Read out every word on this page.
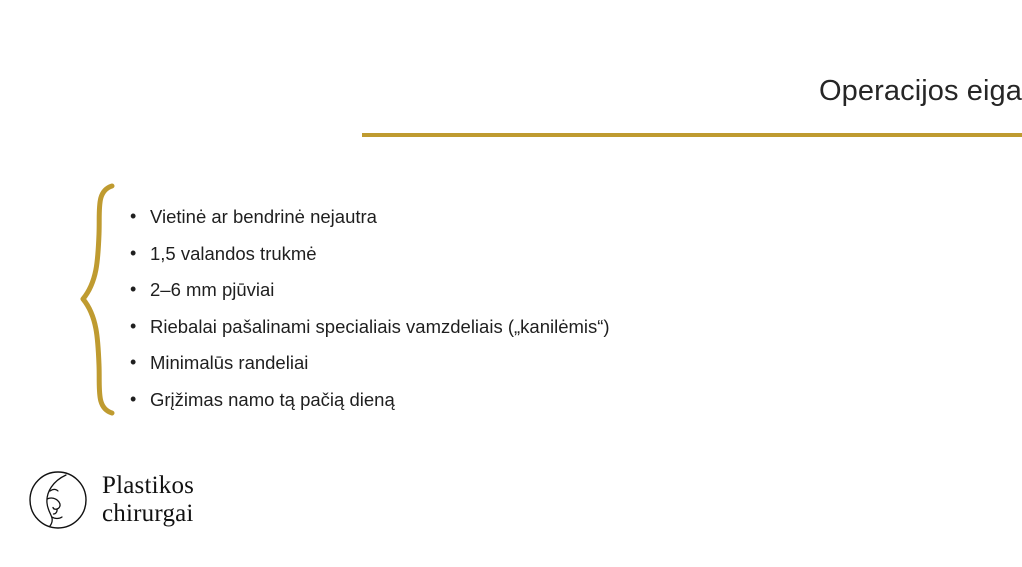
Operacijos eiga
• Vietinė ar bendrinė nejautra
• 1,5 valandos trukmė
• 2–6 mm pjūviai
• Riebalai pašalinami specialiais vamzdeliais („kanilėmis“)
• Minimalūs randeliai
• Grįžimas namo tą pačią dieną
Plastikos
chirurgai
